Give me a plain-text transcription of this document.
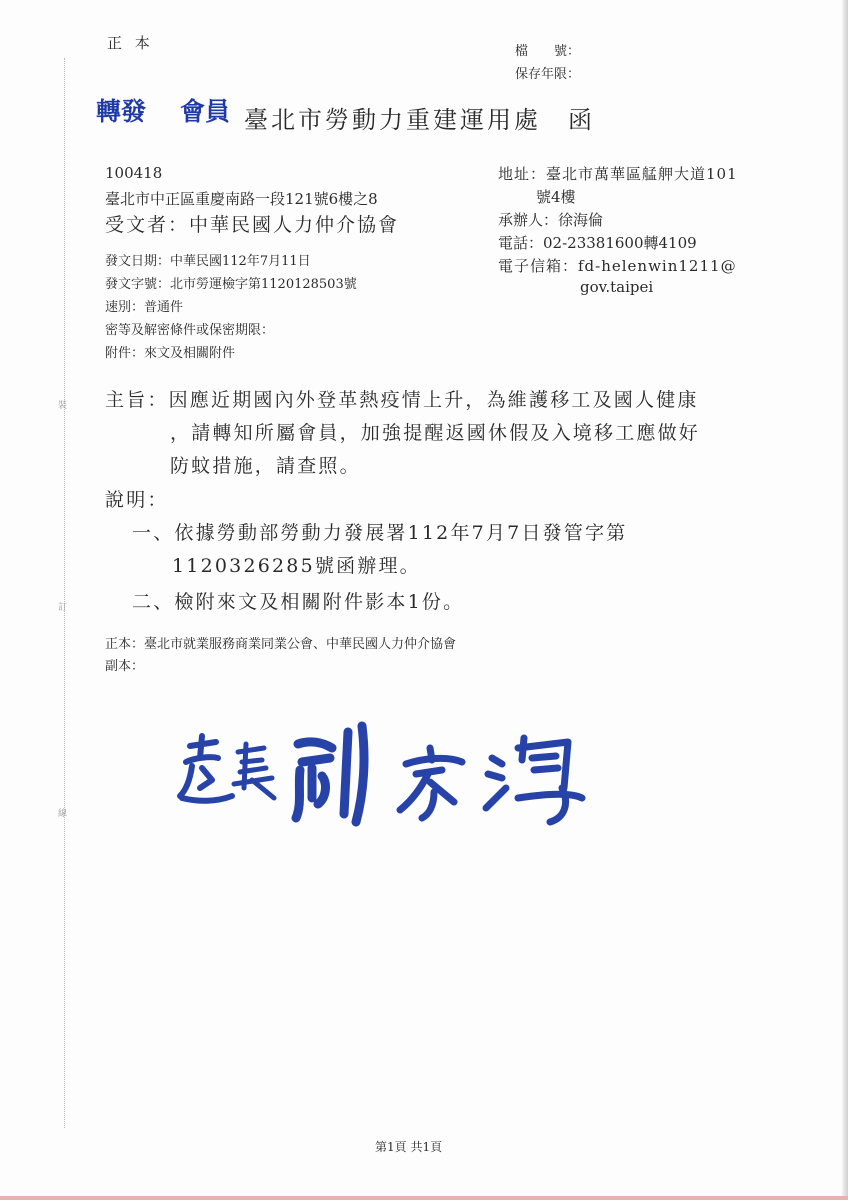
裝
訂
線
正 本	檔　　號：
保存年限：
轉發 會員 臺北市勞動力重建運用處　函
100418
臺北市中正區重慶南路一段121號6樓之8
受文者：中華民國人力仲介協會
地址：臺北市萬華區艋舺大道101
號4樓
承辦人：徐海倫
電話：02-23381600轉4109
電子信箱：fd-helenwin1211@
gov.taipei
發文日期：中華民國112年7月11日
發文字號：北市勞運檢字第1120128503號
速別：普通件
密等及解密條件或保密期限：
附件：來文及相關附件
主旨：因應近期國內外登革熱疫情上升，為維護移工及國人健康
，請轉知所屬會員，加強提醒返國休假及入境移工應做好
防蚊措施，請查照。
說明：
一、依據勞動部勞動力發展署112年7月7日發管字第
1120326285號函辦理。
二、檢附來文及相關附件影本1份。
正本：臺北市就業服務商業同業公會、中華民國人力仲介協會
副本：
第1頁 共1頁
